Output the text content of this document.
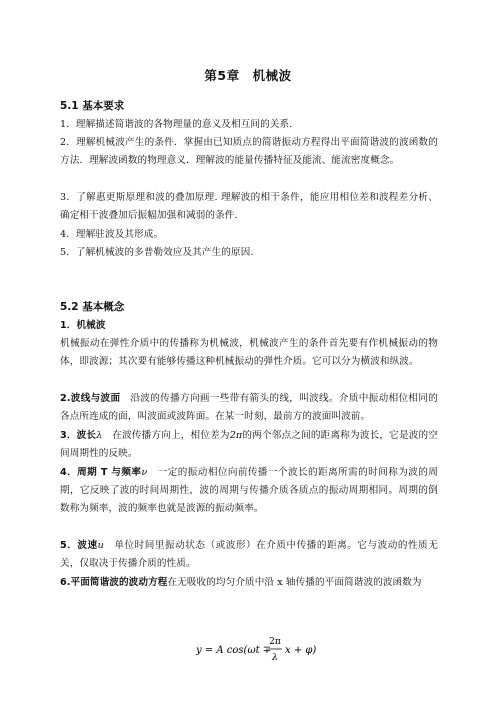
第5章　机械波
5.1 基本要求
1．理解描述简谐波的各物理量的意义及相互间的关系.
2．理解机械波产生的条件．掌握由已知质点的简谐振动方程得出平面简谐波的波函数的方法．理解波函数的物理意义．理解波的能量传播特征及能流、能流密度概念。
3．了解惠更斯原理和波的叠加原理. 理解波的相干条件，能应用相位差和波程差分析、确定相干波叠加后振幅加强和减弱的条件.
4．理解驻波及其形成。
5．了解机械波的多普勒效应及其产生的原因.
5.2 基本概念
1．机械波
机械振动在弹性介质中的传播称为机械波，机械波产生的条件首先要有作机械振动的物体，即波源；其次要有能够传播这种机械振动的弹性介质。它可以分为横波和纵波。
2.波线与波面　沿波的传播方向画一些带有箭头的线，叫波线。介质中振动相位相同的各点所连成的面，叫波面或波阵面。在某一时刻，最前方的波面叫波前。
3．波长λ　在波传播方向上，相位差为2π的两个邻点之间的距离称为波长，它是波的空间周期性的反映。
4．周期 T 与频率ν　一定的振动相位向前传播一个波长的距离所需的时间称为波的周期，它反映了波的时间周期性，波的周期与传播介质各质点的振动周期相同。周期的倒数称为频率，波的频率也就是波源的振动频率。
5．波速u　单位时间里振动状态（或波形）在介质中传播的距离。它与波动的性质无关，仅取决于传播介质的性质。
6.平面简谐波的波动方程在无吸收的均匀介质中沿 x 轴传播的平面简谐波的波函数为
y = A cos(ωt ∓
2π
λ
x + φ)
